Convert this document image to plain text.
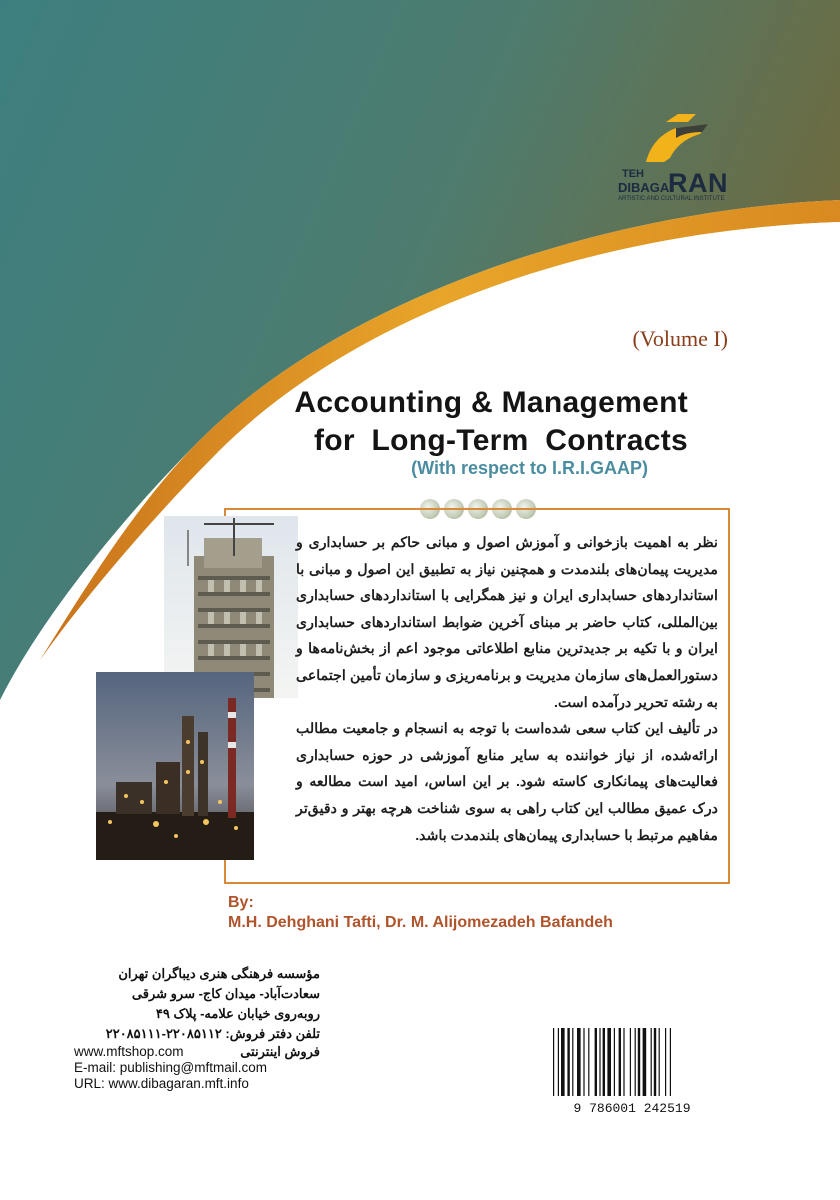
TEH
DIBAGA
RAN
ARTISTIC AND CULTURAL INSTITUTE
(Volume I)
Accounting & Management
for Long-Term Contracts
(With respect to I.R.I.GAAP)

نظر به اهمیت بازخوانی و آموزش اصول و مبانی حاکم بر حسابداری و مدیریت پیمان‌های بلندمدت و همچنین نیاز به تطبیق این اصول و مبانی با استانداردهای حسابداری ایران و نیز همگرایی با استانداردهای حسابداری بین‌المللی، کتاب حاضر بر مبنای آخرین ضوابط استانداردهای حسابداری ایران و با تکیه بر جدیدترین منابع اطلاعاتی موجود اعم از بخش‌نامه‌ها و دستورالعمل‌های سازمان مدیریت و برنامه‌ریزی و سازمان تأمین اجتماعی به رشته تحریر درآمده است.

در تألیف این کتاب سعی شده‌است با توجه به انسجام و جامعیت مطالب ارائه‌شده، از نیاز خواننده به سایر منابع آموزشی در حوزه حسابداری فعالیت‌های پیمانکاری کاسته شود. بر این اساس، امید است مطالعه و درک عمیق مطالب این کتاب راهی به سوی شناخت هرچه بهتر و دقیق‌تر مفاهیم مرتبط با حسابداری پیمان‌های بلندمدت باشد.

By:
M.H. Dehghani Tafti, Dr. M. Alijomezadeh Bafandeh
مؤسسه فرهنگی هنری دیباگران تهران
سعادت‌آباد- میدان کاج- سرو شرقی
روبه‌روی خیابان علامه- پلاک ۴۹
تلفن دفتر فروش: ۲۲۰۸۵۱۱۲-۲۲۰۸۵۱۱۱
فروش اینترنتی
www.mftshop.com
E-mail: publishing@mftmail.com
URL: www.dibagaran.mft.info
9 786001 242519
